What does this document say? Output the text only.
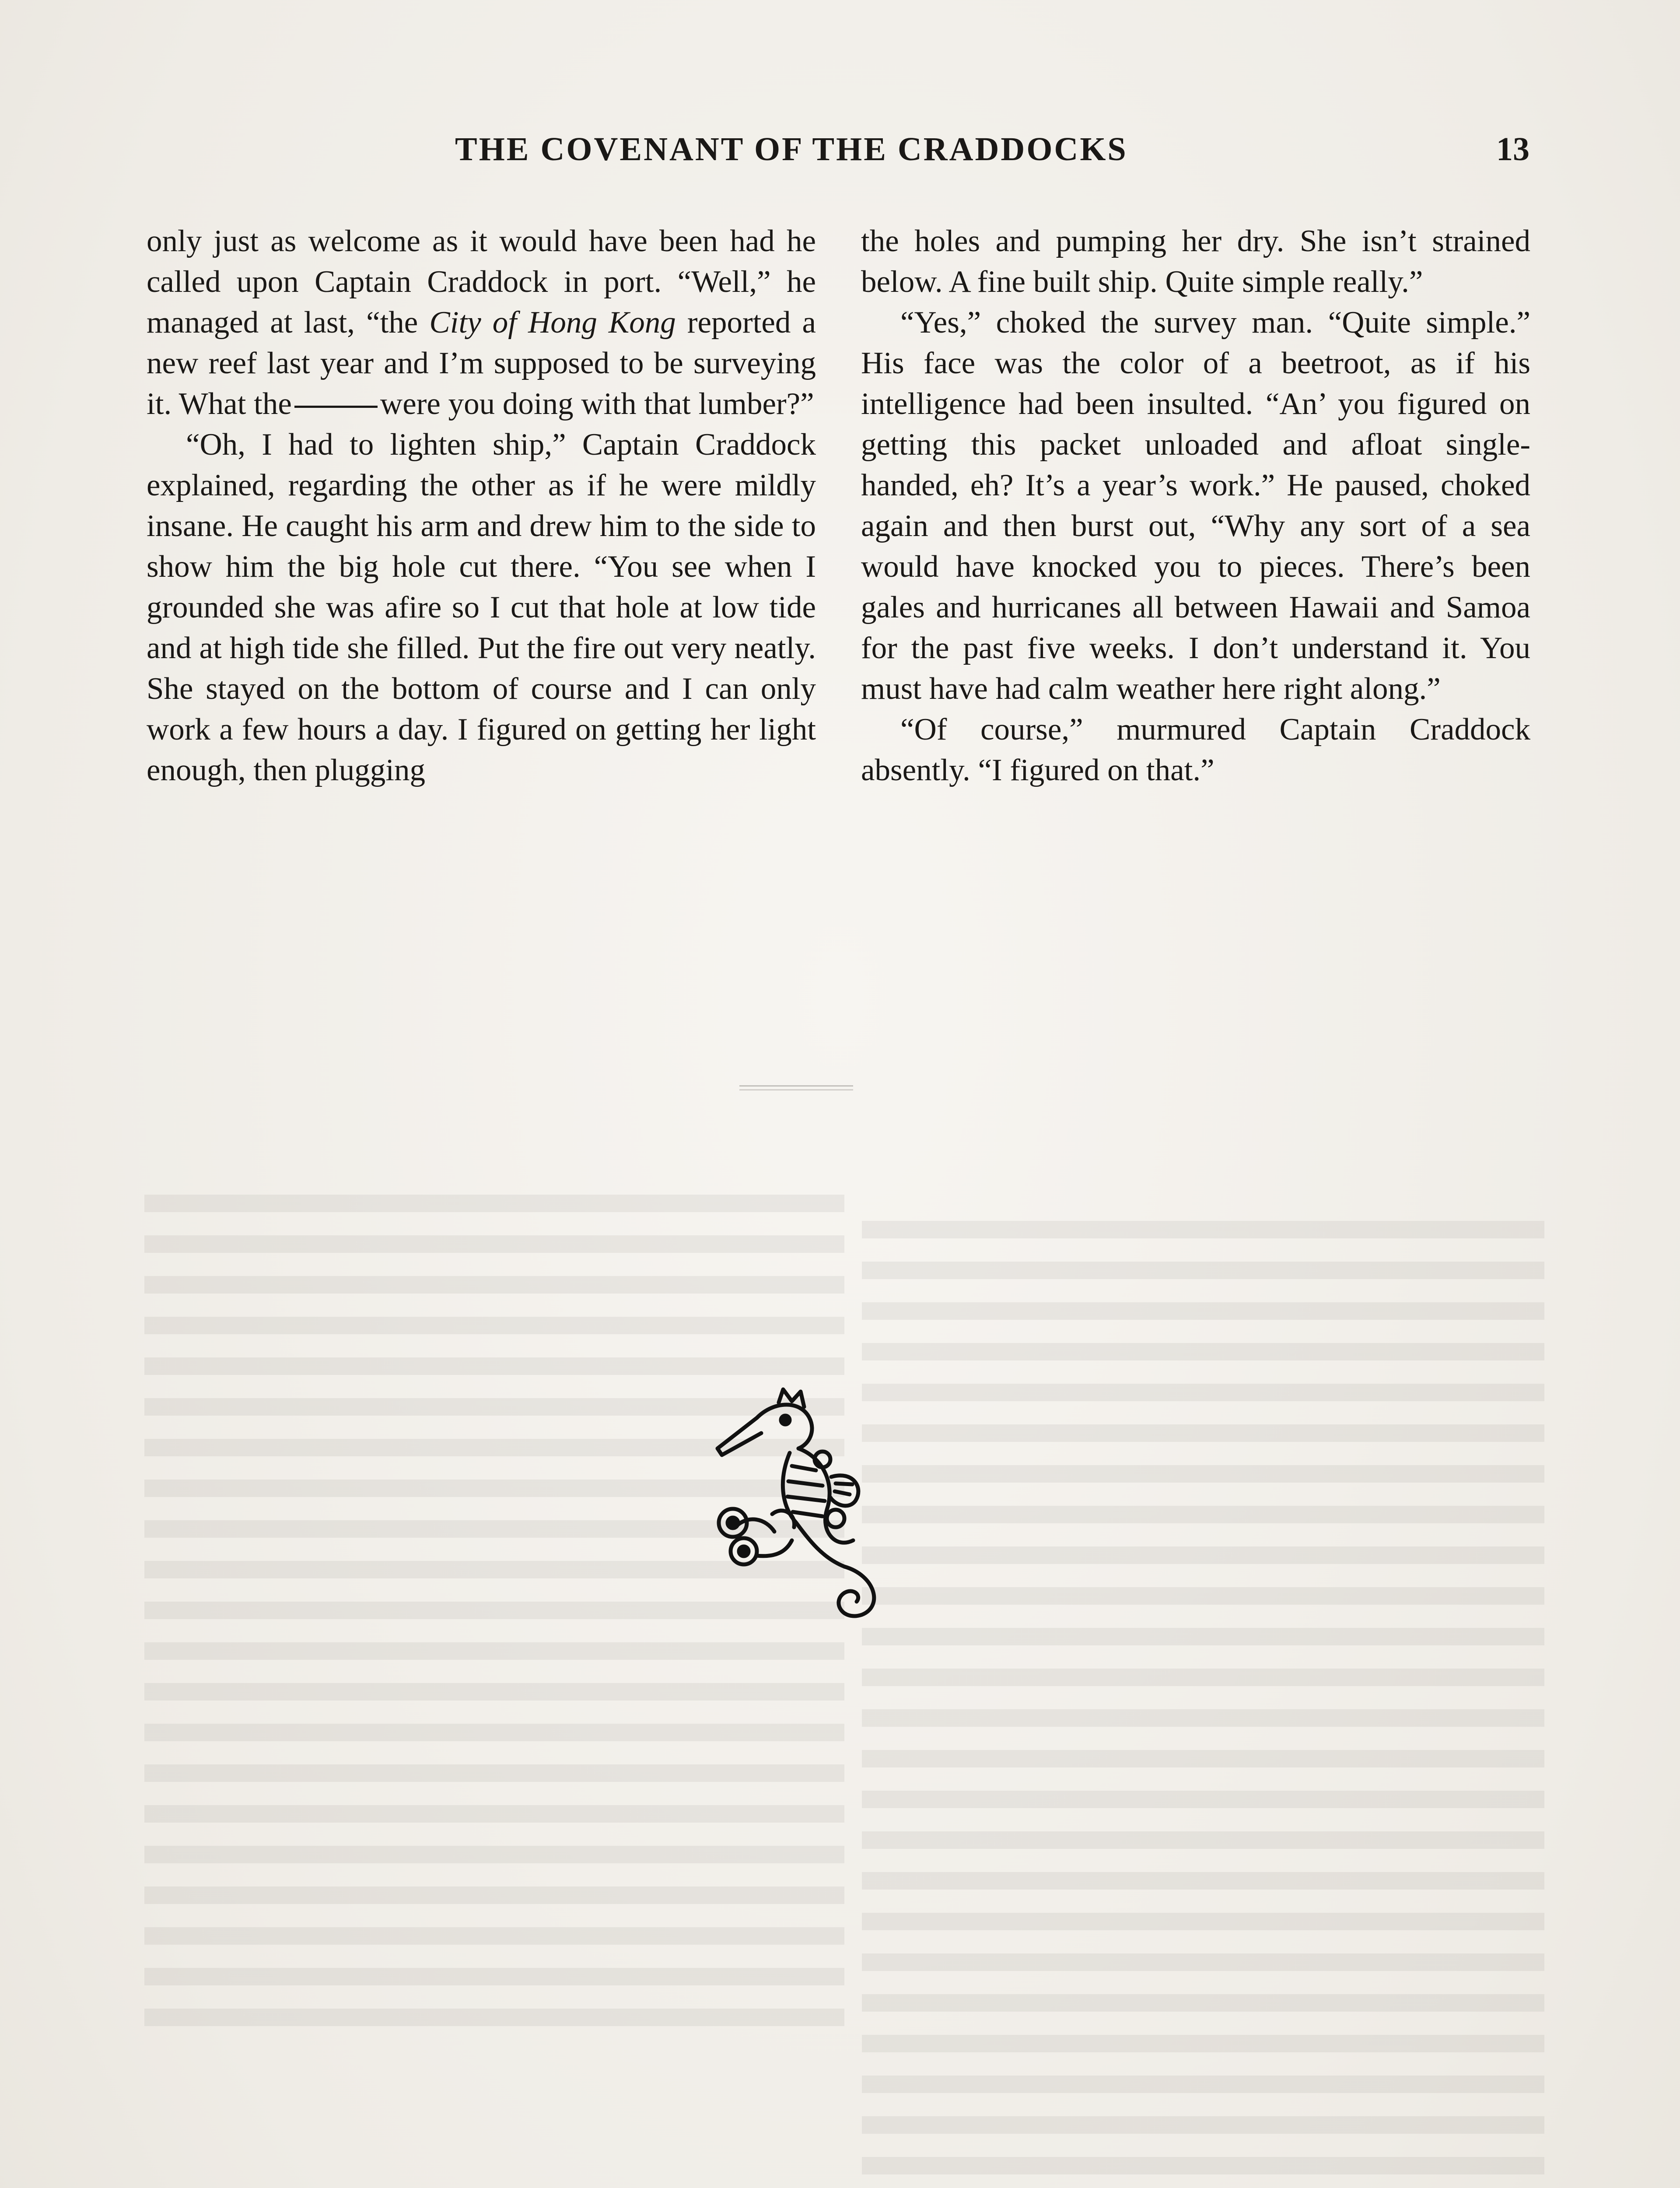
THE COVENANT OF THE CRADDOCKS	13

only just as welcome as it would have been had he called upon Captain Craddock in port. “Well,” he managed at last, “the City of Hong Kong reported a new reef last year and I’m supposed to be surveying it. What the	were you doing with that lumber?”

“Oh, I had to lighten ship,” Captain Craddock explained, regarding the other as if he were mildly insane. He caught his arm and drew him to the side to show him the big hole cut there. “You see when I grounded she was afire so I cut that hole at low tide and at high tide she filled. Put the fire out very neatly. She stayed on the bottom of course and I can only work a few hours a day. I figured on getting her light enough, then plugging

the holes and pumping her dry. She isn’t strained below. A fine built ship. Quite simple really.”

“Yes,” choked the survey man. “Quite simple.” His face was the color of a beetroot, as if his intelligence had been insulted. “An’ you figured on getting this packet unloaded and afloat single-handed, eh? It’s a year’s work.” He paused, choked again and then burst out, “Why any sort of a sea would have knocked you to pieces. There’s been gales and hurricanes all between Hawaii and Samoa for the past five weeks. I don’t understand it. You must have had calm weather here right along.”

“Of course,” murmured Captain Craddock absently. “I figured on that.”
